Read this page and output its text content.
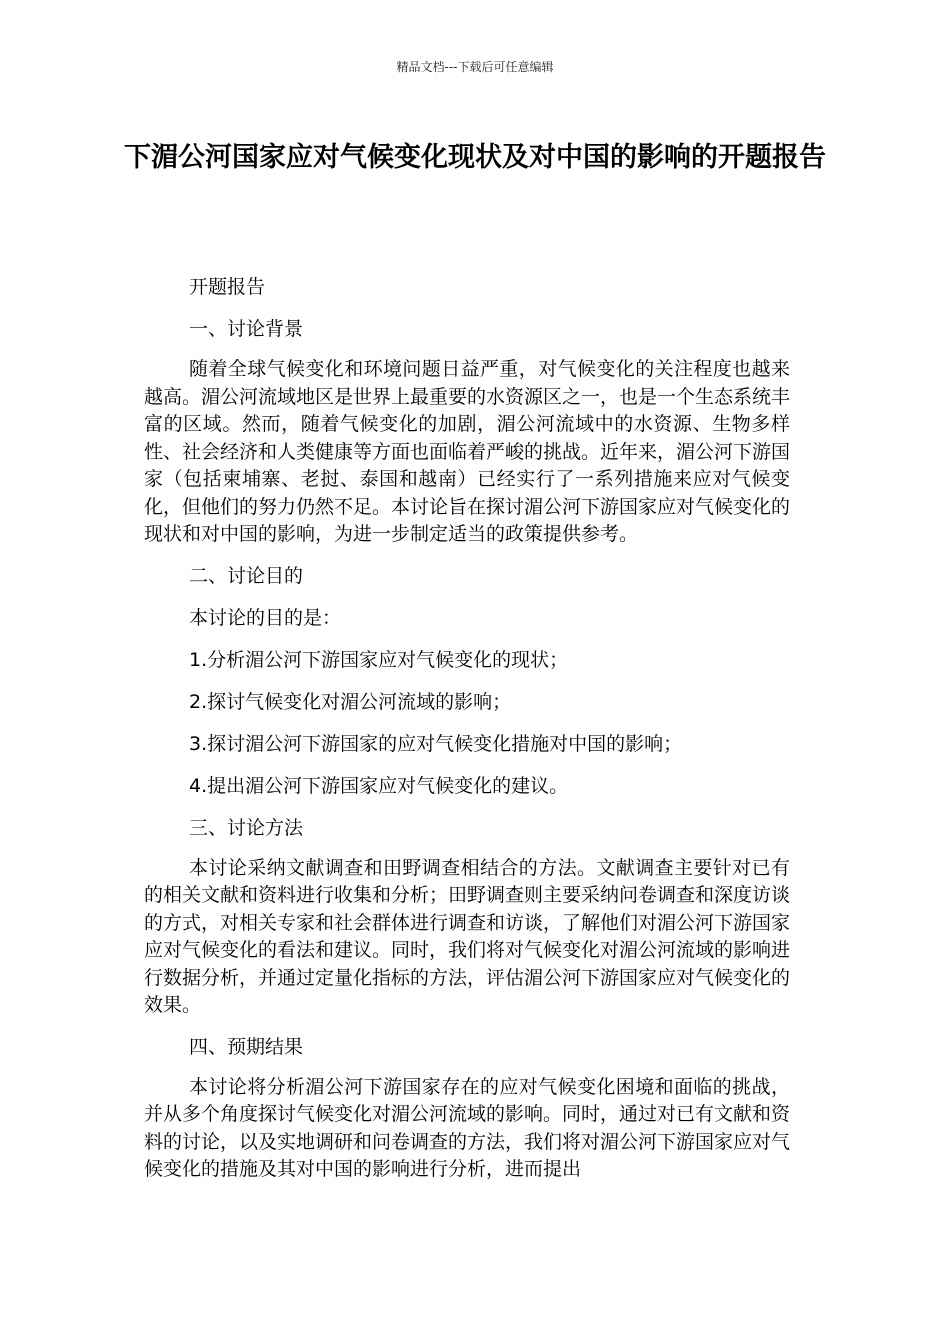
精品文档---下载后可任意编辑
下湄公河国家应对气候变化现状及对中国的影响的开题报告

开题报告

一、讨论背景

随着全球气候变化和环境问题日益严重，对气候变化的关注程度也越来越高。湄公河流域地区是世界上最重要的水资源区之一，也是一个生态系统丰富的区域。然而，随着气候变化的加剧，湄公河流域中的水资源、生物多样性、社会经济和人类健康等方面也面临着严峻的挑战。近年来，湄公河下游国家（包括柬埔寨、老挝、泰国和越南）已经实行了一系列措施来应对气候变化，但他们的努力仍然不足。本讨论旨在探讨湄公河下游国家应对气候变化的现状和对中国的影响，为进一步制定适当的政策提供参考。

二、讨论目的

本讨论的目的是：

1.分析湄公河下游国家应对气候变化的现状；

2.探讨气候变化对湄公河流域的影响；

3.探讨湄公河下游国家的应对气候变化措施对中国的影响；

4.提出湄公河下游国家应对气候变化的建议。

三、讨论方法

本讨论采纳文献调查和田野调查相结合的方法。文献调查主要针对已有的相关文献和资料进行收集和分析；田野调查则主要采纳问卷调查和深度访谈的方式，对相关专家和社会群体进行调查和访谈，了解他们对湄公河下游国家应对气候变化的看法和建议。同时，我们将对气候变化对湄公河流域的影响进行数据分析，并通过定量化指标的方法，评估湄公河下游国家应对气候变化的效果。

四、预期结果

本讨论将分析湄公河下游国家存在的应对气候变化困境和面临的挑战，并从多个角度探讨气候变化对湄公河流域的影响。同时，通过对已有文献和资料的讨论，以及实地调研和问卷调查的方法，我们将对湄公河下游国家应对气候变化的措施及其对中国的影响进行分析，进而提出
